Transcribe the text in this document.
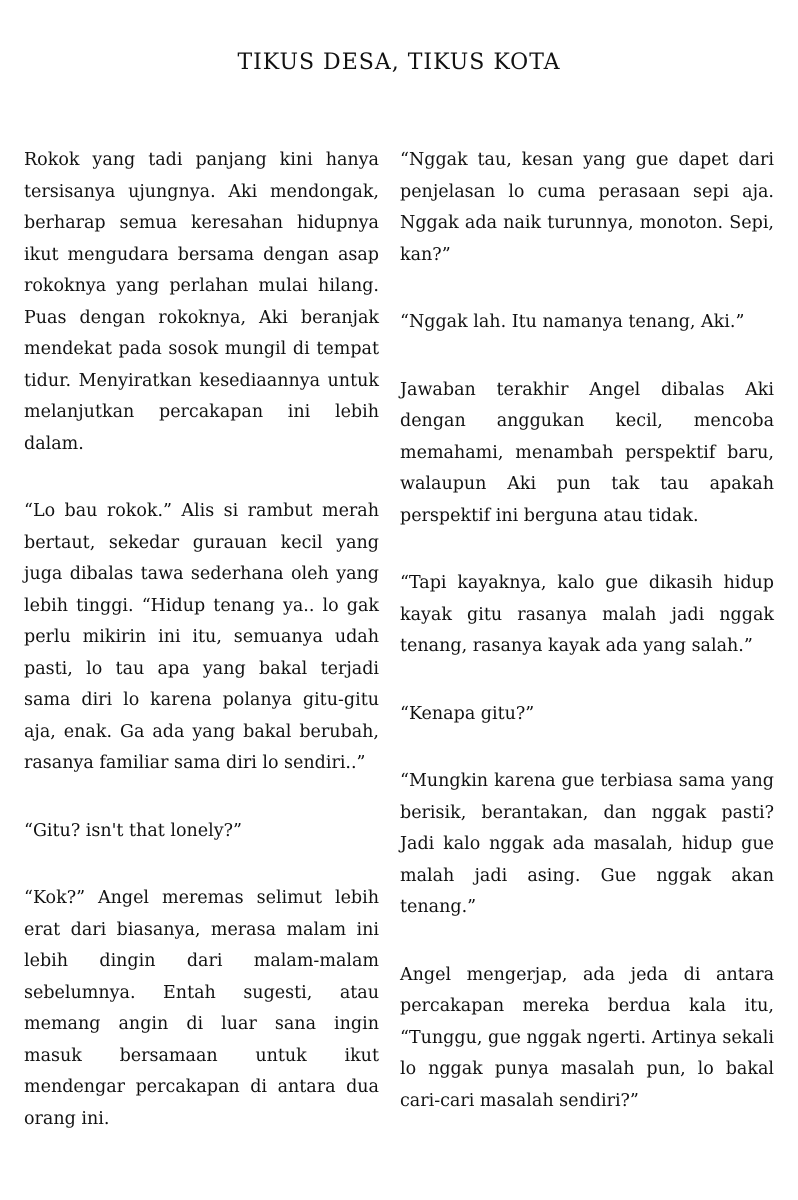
TIKUS DESA, TIKUS KOTA

Rokok yang tadi panjang kini hanya tersisanya ujungnya. Aki mendongak, berharap semua keresahan hidupnya ikut mengudara bersama dengan asap rokoknya yang perlahan mulai hilang. Puas dengan rokoknya, Aki beranjak mendekat pada sosok mungil di tempat tidur. Menyiratkan kesediaannya untuk melanjutkan percakapan ini lebih dalam.

“Lo bau rokok.” Alis si rambut merah bertaut, sekedar gurauan kecil yang juga dibalas tawa sederhana oleh yang lebih tinggi. “Hidup tenang ya.. lo gak perlu mikirin ini itu, semuanya udah pasti, lo tau apa yang bakal terjadi sama diri lo karena polanya gitu-gitu aja, enak. Ga ada yang bakal berubah, rasanya familiar sama diri lo sendiri..”

“Gitu? isn't that lonely?”

“Kok?” Angel meremas selimut lebih erat dari biasanya, merasa malam ini lebih dingin dari malam-malam sebelumnya. Entah sugesti, atau memang angin di luar sana ingin masuk bersamaan untuk ikut mendengar percakapan di antara dua orang ini.

“Nggak tau, kesan yang gue dapet dari penjelasan lo cuma perasaan sepi aja. Nggak ada naik turunnya, monoton. Sepi, kan?”

“Nggak lah. Itu namanya tenang, Aki.”

Jawaban terakhir Angel dibalas Aki dengan anggukan kecil, mencoba memahami, menambah perspektif baru, walaupun Aki pun tak tau apakah perspektif ini berguna atau tidak.

“Tapi kayaknya, kalo gue dikasih hidup kayak gitu rasanya malah jadi nggak tenang, rasanya kayak ada yang salah.”

“Kenapa gitu?”

“Mungkin karena gue terbiasa sama yang berisik, berantakan, dan nggak pasti? Jadi kalo nggak ada masalah, hidup gue malah jadi asing. Gue nggak akan tenang.”

Angel mengerjap, ada jeda di antara percakapan mereka berdua kala itu, “Tunggu, gue nggak ngerti. Artinya sekali lo nggak punya masalah pun, lo bakal cari-cari masalah sendiri?”
